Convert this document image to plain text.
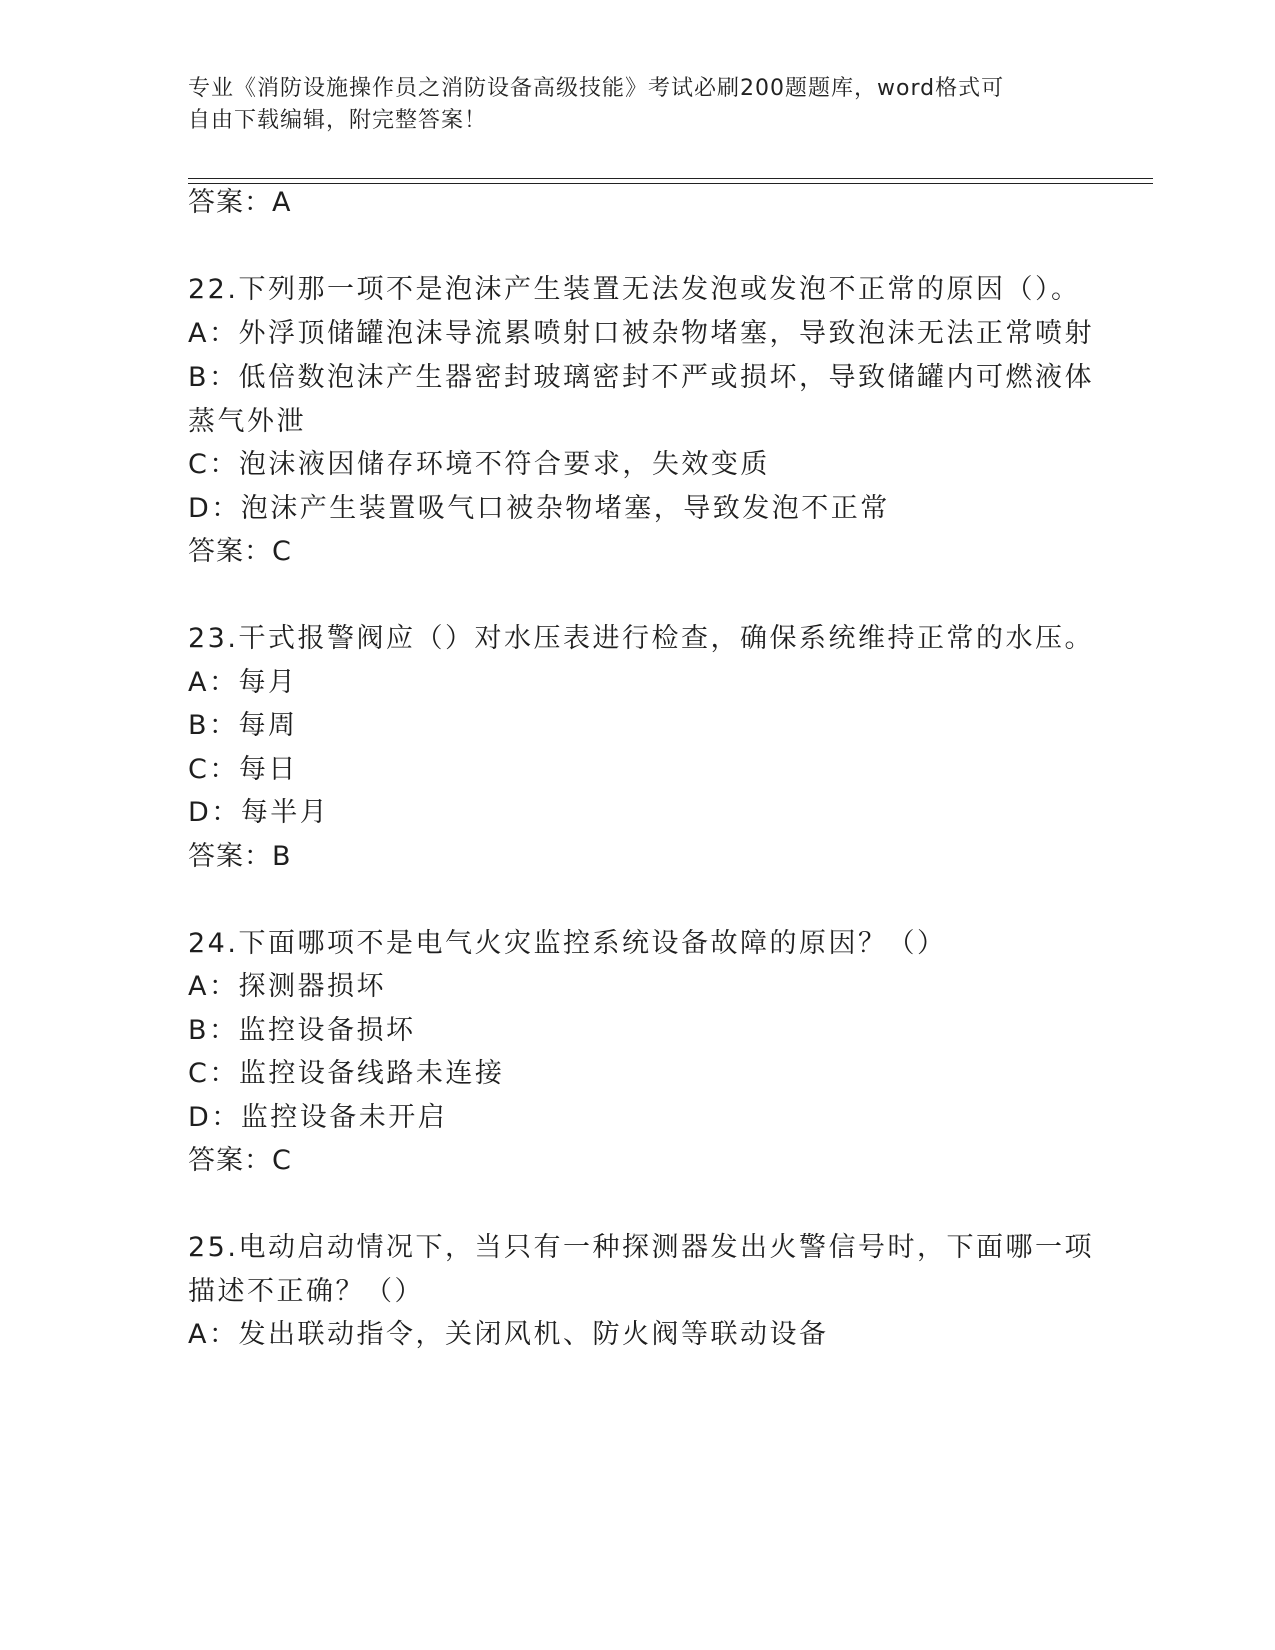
专业《消防设施操作员之消防设备高级技能》考试必刷200题题库，word格式可
自由下载编辑，附完整答案！
答案：A
22.下列那一项不是泡沫产生装置无法发泡或发泡不正常的原因（）。
A：外浮顶储罐泡沫导流累喷射口被杂物堵塞，导致泡沫无法正常喷射
B：低倍数泡沫产生器密封玻璃密封不严或损坏，导致储罐内可燃液体
蒸气外泄
C：泡沫液因储存环境不符合要求，失效变质
D：泡沫产生装置吸气口被杂物堵塞，导致发泡不正常
答案：C
23.干式报警阀应（）对水压表进行检查，确保系统维持正常的水压。
A：每月
B：每周
C：每日
D：每半月
答案：B
24.下面哪项不是电气火灾监控系统设备故障的原因？（）
A：探测器损坏
B：监控设备损坏
C：监控设备线路未连接
D：监控设备未开启
答案：C
25.电动启动情况下，当只有一种探测器发出火警信号时，下面哪一项
描述不正确？（）
A：发出联动指令，关闭风机、防火阀等联动设备
